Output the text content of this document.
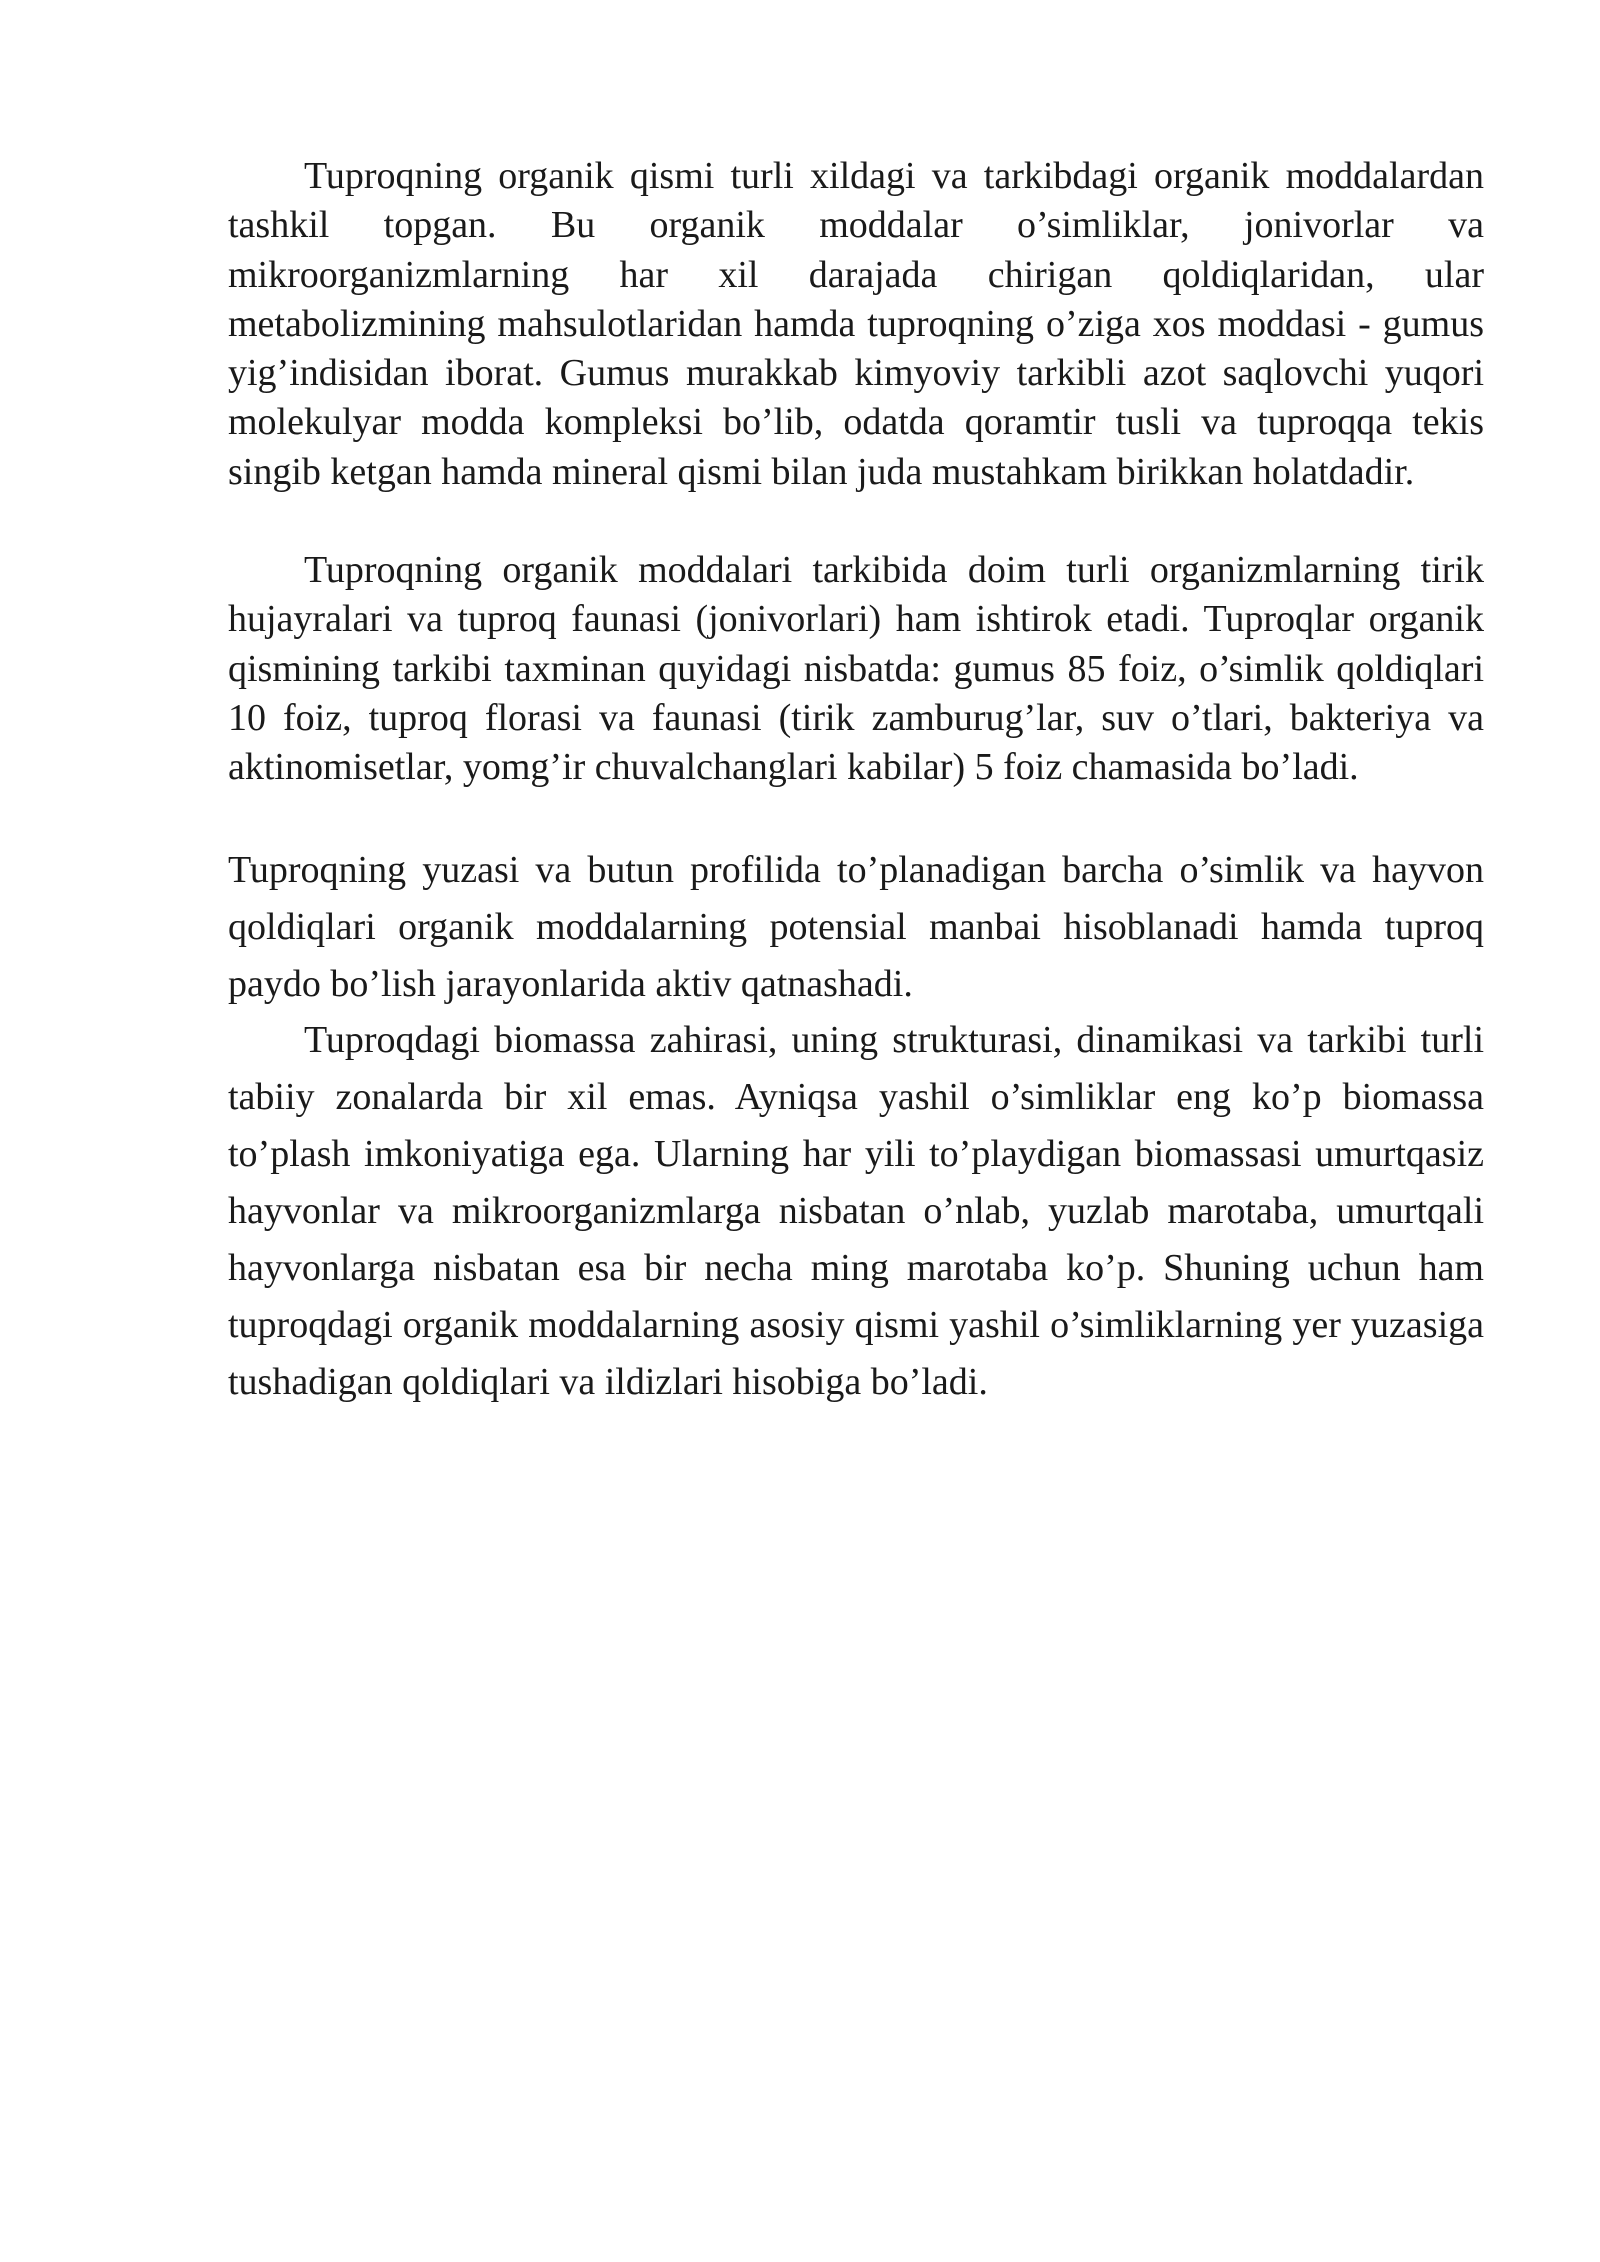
Tuproqning organik qismi turli xildagi va tarkibdagi organik moddalardan tashkil topgan. Bu organik moddalar o’simliklar, jonivorlar va mikroorganizmlarning har xil darajada chirigan qoldiqlaridan, ular metabolizmining mahsulotlaridan hamda tuproqning o’ziga xos moddasi - gumus yig’indisidan iborat. Gumus murakkab kimyoviy tarkibli azot saqlovchi yuqori molekulyar modda kompleksi bo’lib, odatda qoramtir tusli va tuproqqa tekis singib ketgan hamda mineral qismi bilan juda mustahkam birikkan holatdadir.

Tuproqning organik moddalari tarkibida doim turli organizmlarning tirik hujayralari va tuproq faunasi (jonivorlari) ham ishtirok etadi. Tuproqlar organik qismining tarkibi taxminan quyidagi nisbatda: gumus 85 foiz, o’simlik qoldiqlari 10 foiz, tuproq florasi va faunasi (tirik zamburug’lar, suv o’tlari, bakteriya va aktinomisetlar, yomg’ir chuvalchanglari kabilar) 5 foiz chamasida bo’ladi.

Tuproqning yuzasi va butun profilida to’planadigan barcha o’simlik va hayvon qoldiqlari organik moddalarning potensial manbai hisoblanadi hamda tuproq paydo bo’lish jarayonlarida aktiv qatnashadi.

Tuproqdagi biomassa zahirasi, uning strukturasi, dinamikasi va tarkibi turli tabiiy zonalarda bir xil emas. Ayniqsa yashil o’simliklar eng ko’p biomassa to’plash imkoniyatiga ega. Ularning har yili to’playdigan biomassasi umurtqasiz hayvonlar va mikroorganizmlarga nisbatan o’nlab, yuzlab marotaba, umurtqali hayvonlarga nisbatan esa bir necha ming marotaba ko’p. Shuning uchun ham tuproqdagi organik moddalarning asosiy qismi yashil o’simliklarning yer yuzasiga tushadigan qoldiqlari va ildizlari hisobiga bo’ladi.
